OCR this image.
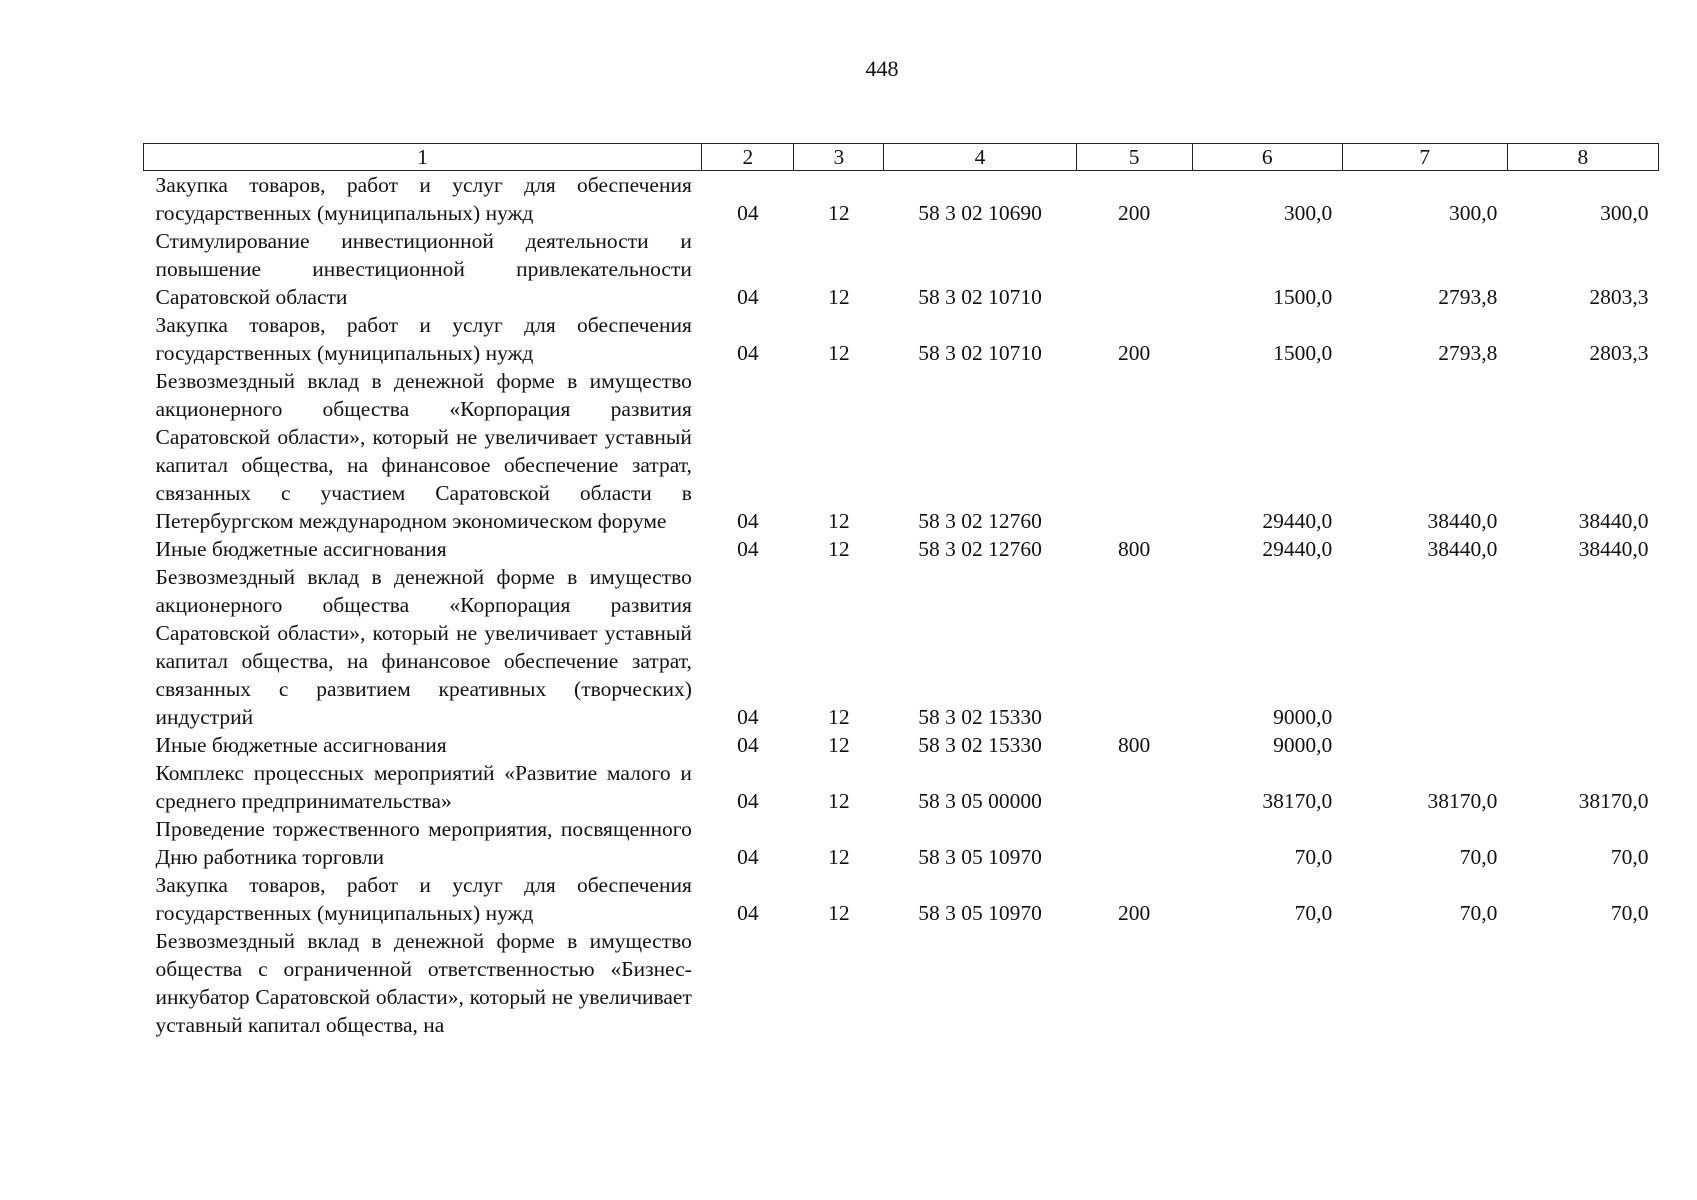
448
1	2	3	4	5	6	7	8
Закупка товаров, работ и услуг для обеспечения государственных (муниципальных) нужд	04	12	58 3 02 10690	200	300,0	300,0	300,0
Стимулирование инвестиционной деятельности и повышение инвестиционной привлекательности Саратовской области	04	12	58 3 02 10710		1500,0	2793,8	2803,3
Закупка товаров, работ и услуг для обеспечения государственных (муниципальных) нужд	04	12	58 3 02 10710	200	1500,0	2793,8	2803,3
Безвозмездный вклад в денежной форме в имущество акционерного общества «Корпорация развития Саратовской области», который не увеличивает уставный капитал общества, на финансовое обеспечение затрат, связанных с участием Саратовской области в Петербургском международном экономическом форуме	04	12	58 3 02 12760		29440,0	38440,0	38440,0
Иные бюджетные ассигнования	04	12	58 3 02 12760	800	29440,0	38440,0	38440,0
Безвозмездный вклад в денежной форме в имущество акционерного общества «Корпорация развития Саратовской области», который не увеличивает уставный капитал общества, на финансовое обеспечение затрат, связанных с развитием креативных (творческих) индустрий	04	12	58 3 02 15330		9000,0		
Иные бюджетные ассигнования	04	12	58 3 02 15330	800	9000,0		
Комплекс процессных мероприятий «Развитие малого и среднего предпринимательства»	04	12	58 3 05 00000		38170,0	38170,0	38170,0
Проведение торжественного мероприятия, посвященного Дню работника торговли	04	12	58 3 05 10970		70,0	70,0	70,0
Закупка товаров, работ и услуг для обеспечения государственных (муниципальных) нужд	04	12	58 3 05 10970	200	70,0	70,0	70,0
Безвозмездный вклад в денежной форме в имущество общества с ограниченной ответственностью «Бизнес-инкубатор Саратовской области», который не увеличивает уставный капитал общества, на							
